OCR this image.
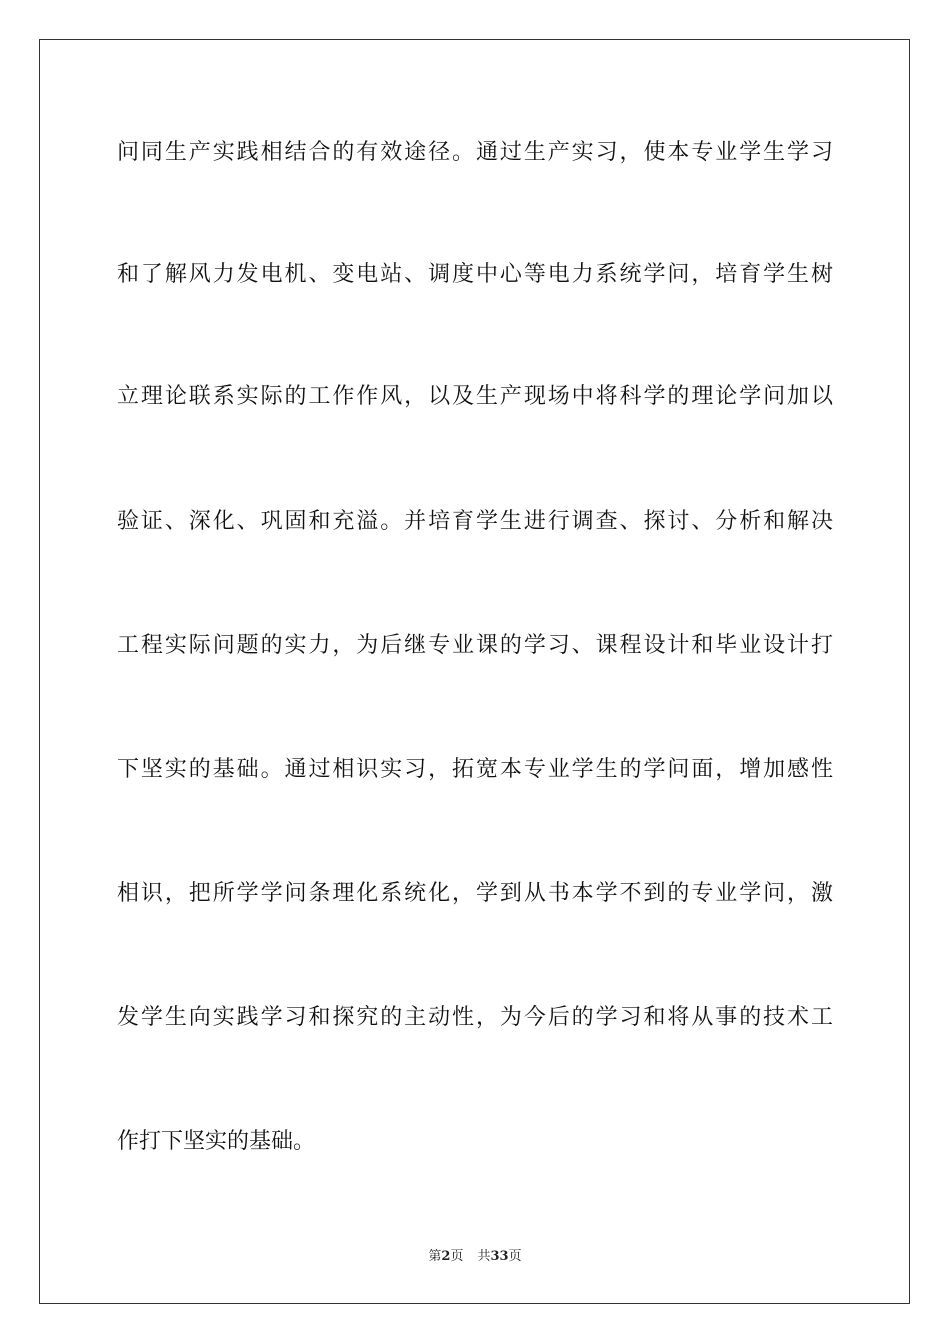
问同生产实践相结合的有效途径。通过生产实习，使本专业学生学习
和了解风力发电机、变电站、调度中心等电力系统学问，培育学生树
立理论联系实际的工作作风，以及生产现场中将科学的理论学问加以
验证、深化、巩固和充溢。并培育学生进行调查、探讨、分析和解决
工程实际问题的实力，为后继专业课的学习、课程设计和毕业设计打
下坚实的基础。通过相识实习，拓宽本专业学生的学问面，增加感性
相识，把所学学问条理化系统化，学到从书本学不到的专业学问，激
发学生向实践学习和探究的主动性，为今后的学习和将从事的技术工
作打下坚实的基础。
第2页 共33页
